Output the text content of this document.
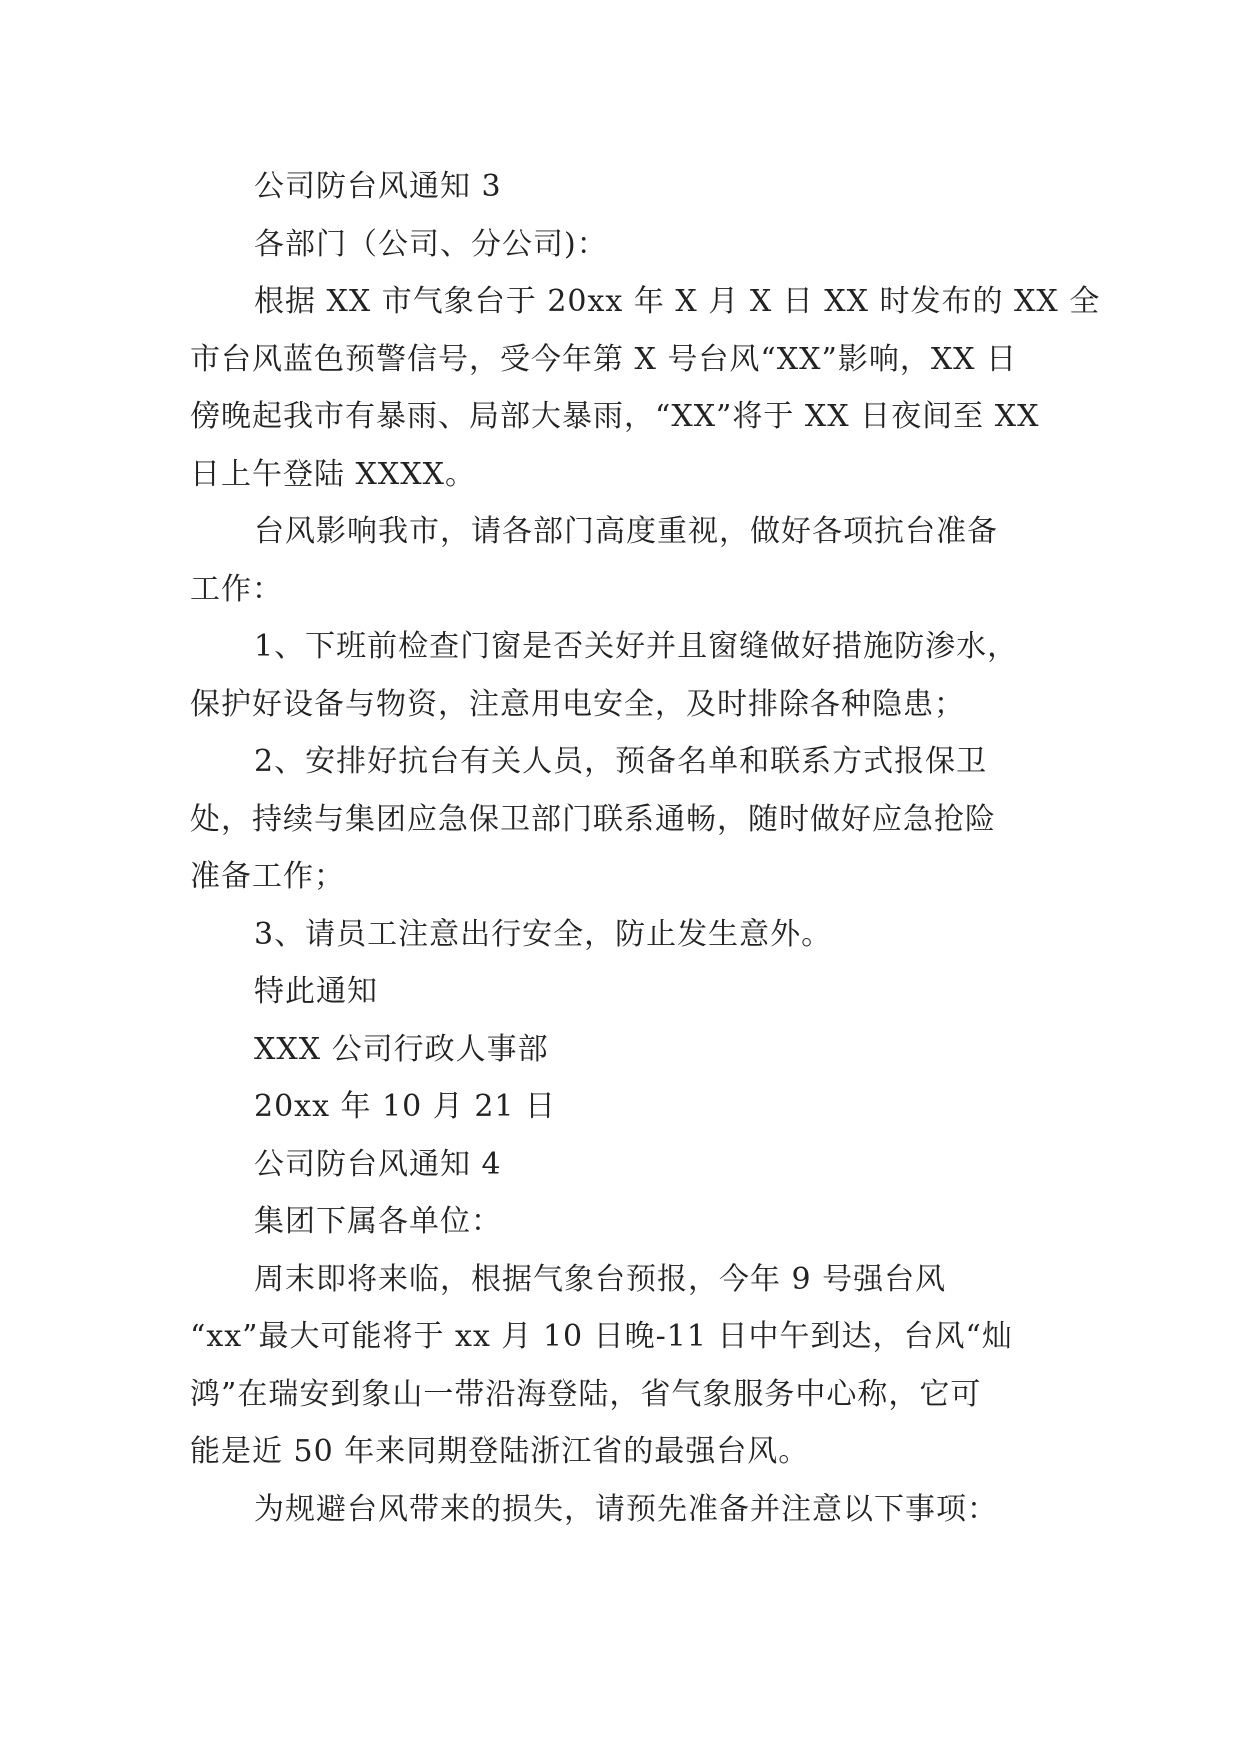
公司防台风通知 3

各部门（公司、分公司)：

根据 XX 市气象台于 20xx 年 X 月 X 日 XX 时发布的 XX 全

市台风蓝色预警信号，受今年第 X 号台风“XX”影响，XX 日

傍晚起我市有暴雨、局部大暴雨，“XX”将于 XX 日夜间至 XX

日上午登陆 XXXX。

台风影响我市，请各部门高度重视，做好各项抗台准备

工作：

1、下班前检查门窗是否关好并且窗缝做好措施防渗水，

保护好设备与物资，注意用电安全，及时排除各种隐患；

2、安排好抗台有关人员，预备名单和联系方式报保卫

处，持续与集团应急保卫部门联系通畅，随时做好应急抢险

准备工作；

3、请员工注意出行安全，防止发生意外。

特此通知

XXX 公司行政人事部

20xx 年 10 月 21 日

公司防台风通知 4

集团下属各单位：

周末即将来临，根据气象台预报，今年 9 号强台风

“xx”最大可能将于 xx 月 10 日晚-11 日中午到达，台风“灿

鸿”在瑞安到象山一带沿海登陆，省气象服务中心称，它可

能是近 50 年来同期登陆浙江省的最强台风。

为规避台风带来的损失，请预先准备并注意以下事项：
